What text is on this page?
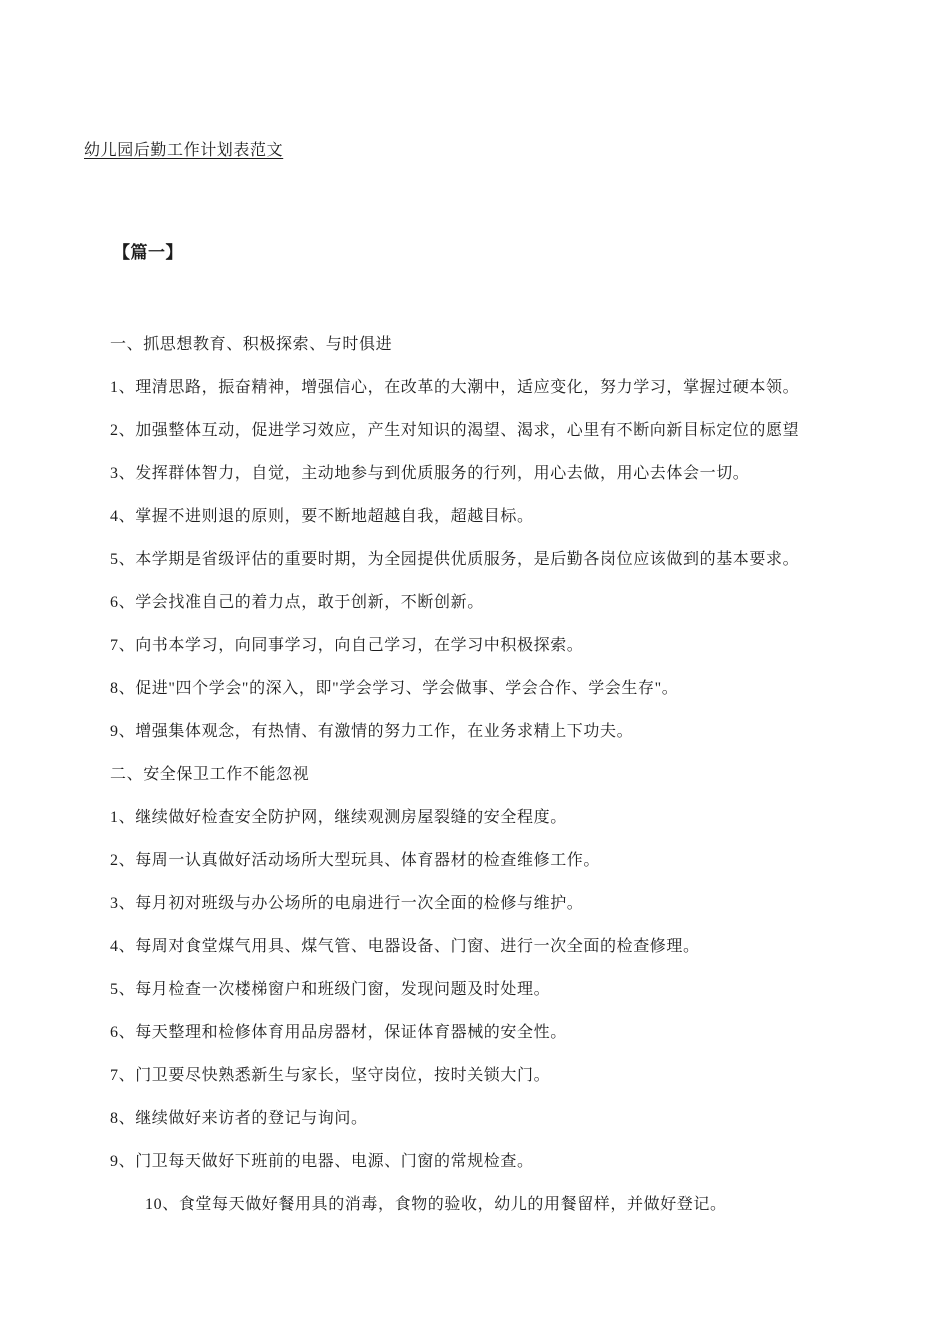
幼儿园后勤工作计划表范文
【篇一】

一、抓思想教育、积极探索、与时俱进

1、理清思路，振奋精神，增强信心，在改革的大潮中，适应变化，努力学习，掌握过硬本领。

2、加强整体互动，促进学习效应，产生对知识的渴望、渴求，心里有不断向新目标定位的愿望

3、发挥群体智力，自觉，主动地参与到优质服务的行列，用心去做，用心去体会一切。

4、掌握不进则退的原则，要不断地超越自我，超越目标。

5、本学期是省级评估的重要时期，为全园提供优质服务，是后勤各岗位应该做到的基本要求。

6、学会找准自己的着力点，敢于创新，不断创新。

7、向书本学习，向同事学习，向自己学习，在学习中积极探索。

8、促进"四个学会"的深入，即"学会学习、学会做事、学会合作、学会生存"。

9、增强集体观念，有热情、有激情的努力工作，在业务求精上下功夫。

二、安全保卫工作不能忽视

1、继续做好检查安全防护网，继续观测房屋裂缝的安全程度。

2、每周一认真做好活动场所大型玩具、体育器材的检查维修工作。

3、每月初对班级与办公场所的电扇进行一次全面的检修与维护。

4、每周对食堂煤气用具、煤气管、电器设备、门窗、进行一次全面的检查修理。

5、每月检查一次楼梯窗户和班级门窗，发现问题及时处理。

6、每天整理和检修体育用品房器材，保证体育器械的安全性。

7、门卫要尽快熟悉新生与家长，坚守岗位，按时关锁大门。

8、继续做好来访者的登记与询问。

9、门卫每天做好下班前的电器、电源、门窗的常规检查。

10、食堂每天做好餐用具的消毒，食物的验收，幼儿的用餐留样，并做好登记。
